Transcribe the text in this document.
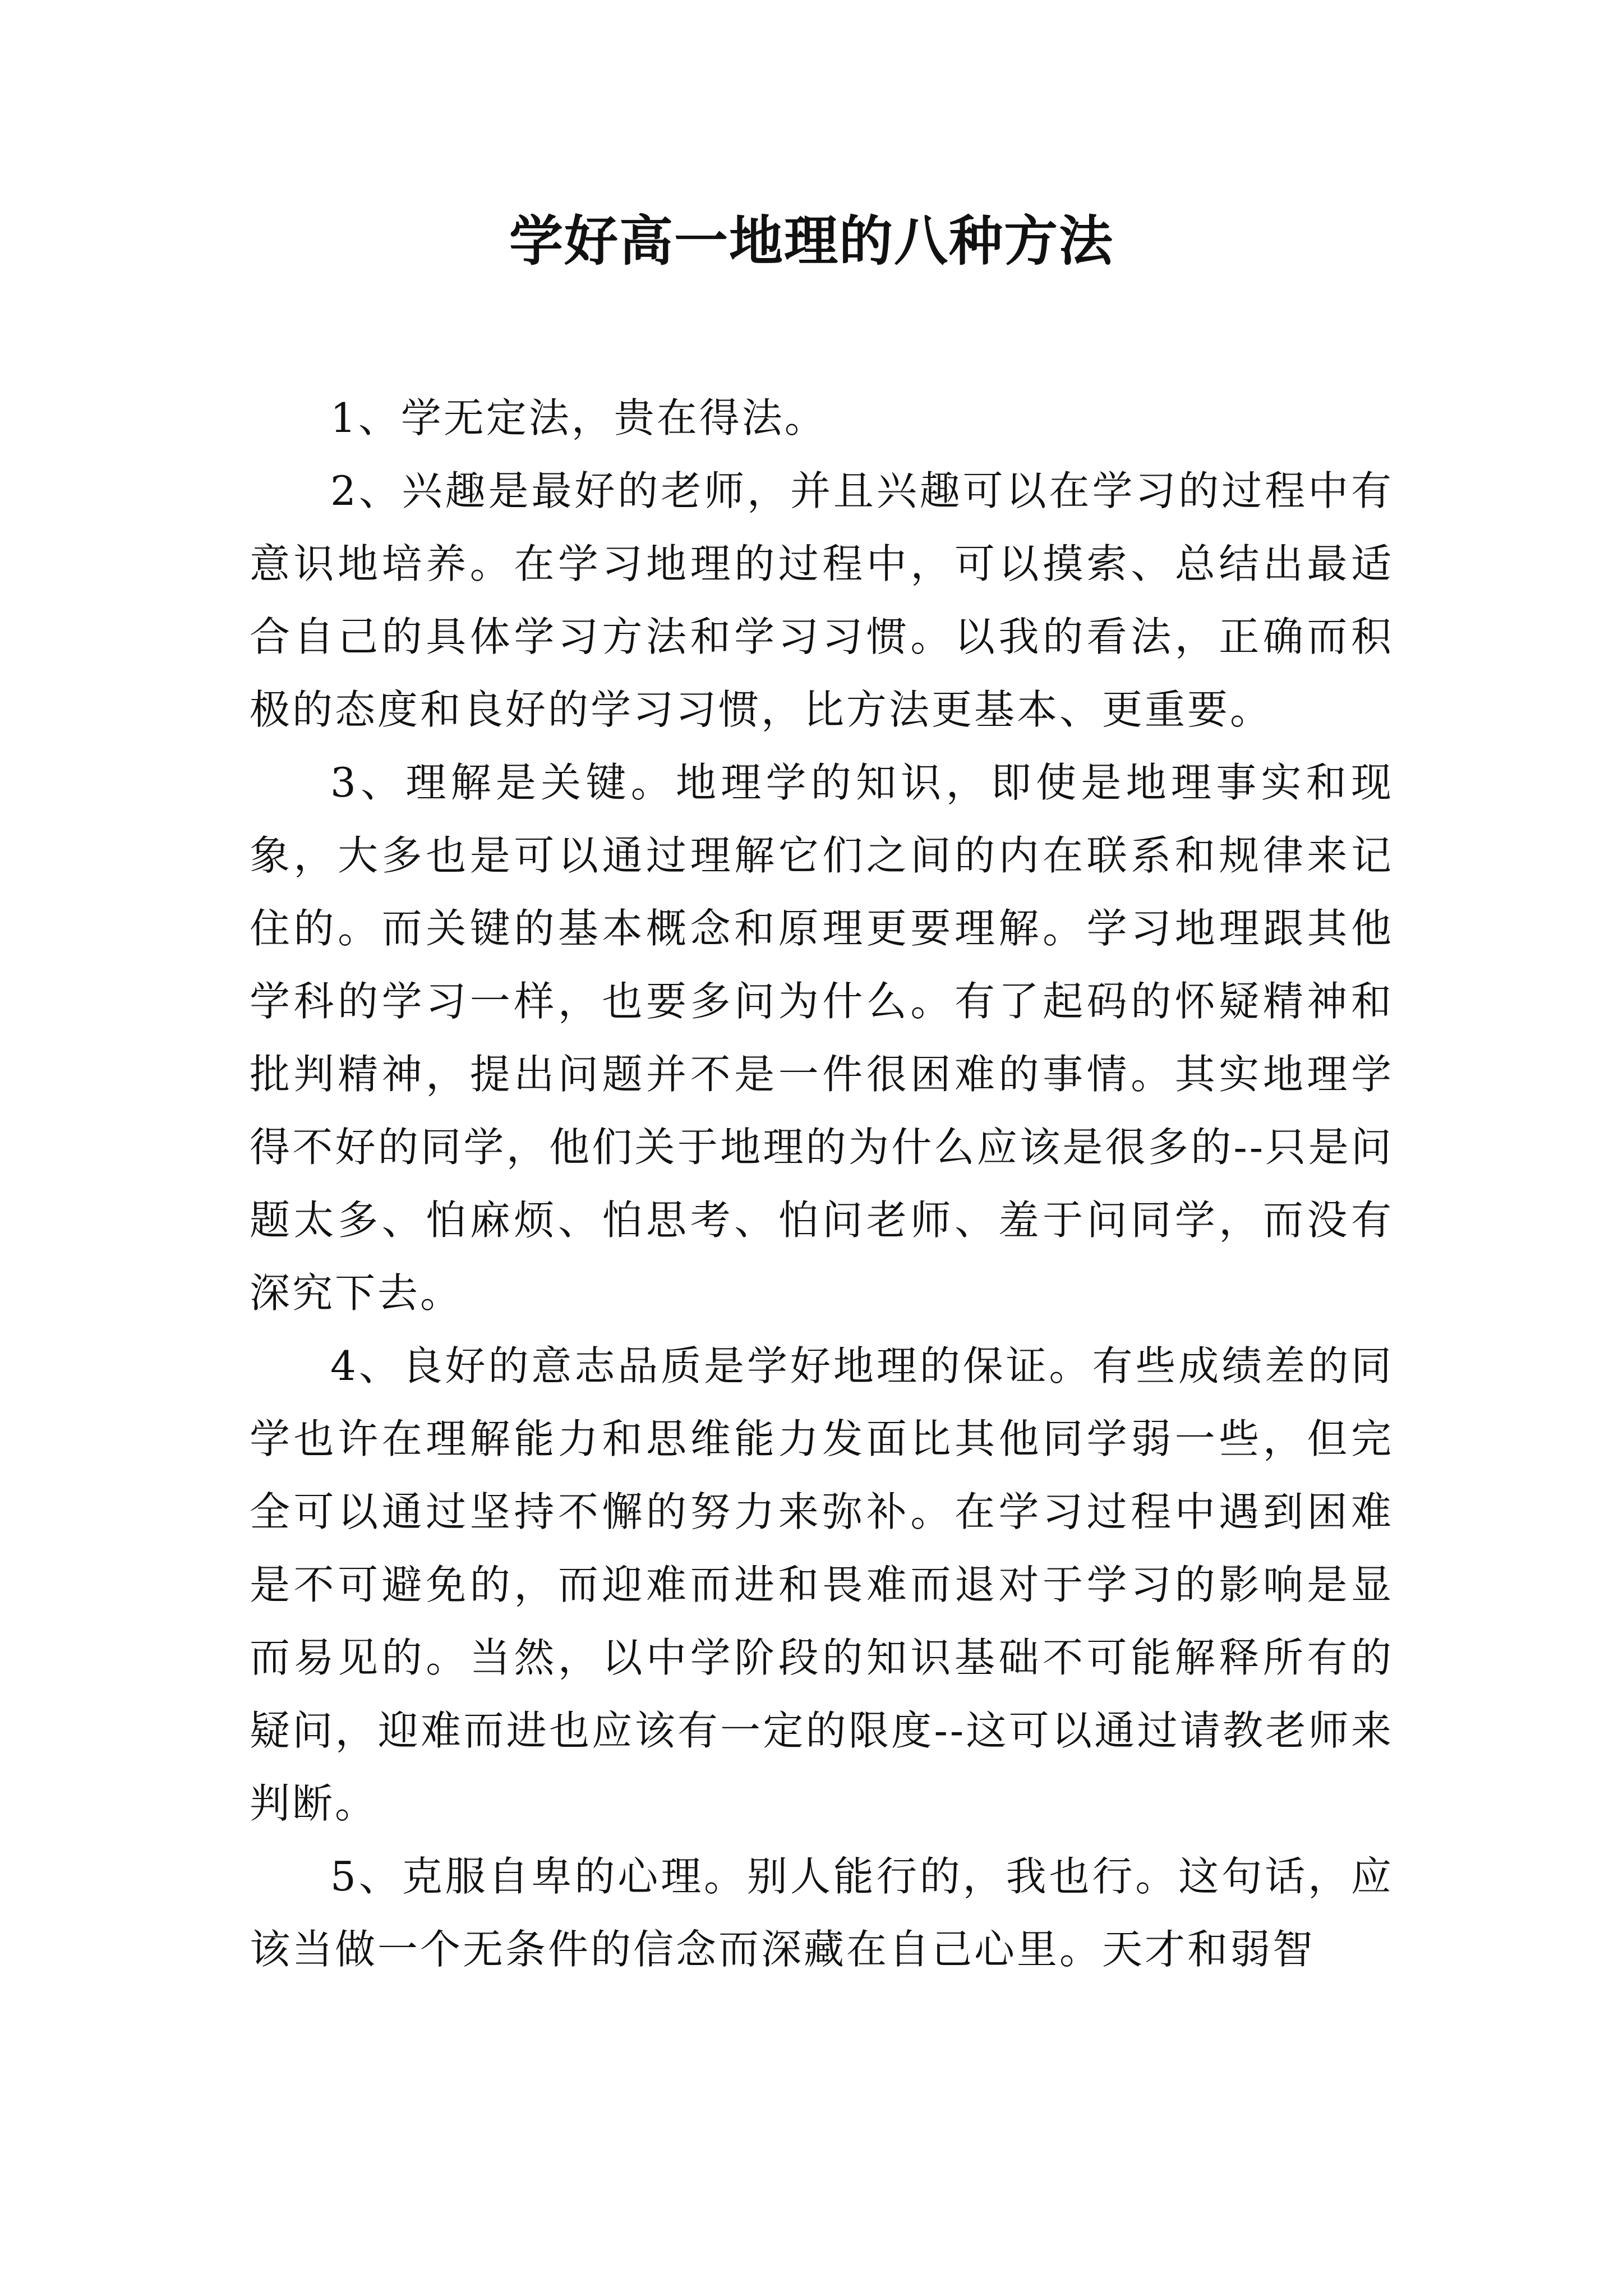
学好高一地理的八种方法

1、学无定法，贵在得法。

2、兴趣是最好的老师，并且兴趣可以在学习的过程中有意识地培养。在学习地理的过程中，可以摸索、总结出最适合自己的具体学习方法和学习习惯。以我的看法，正确而积极的态度和良好的学习习惯，比方法更基本、更重要。

3、理解是关键。地理学的知识，即使是地理事实和现象，大多也是可以通过理解它们之间的内在联系和规律来记住的。而关键的基本概念和原理更要理解。学习地理跟其他学科的学习一样，也要多问为什么。有了起码的怀疑精神和批判精神，提出问题并不是一件很困难的事情。其实地理学得不好的同学，他们关于地理的为什么应该是很多的--只是问题太多、怕麻烦、怕思考、怕问老师、羞于问同学，而没有深究下去。

4、良好的意志品质是学好地理的保证。有些成绩差的同学也许在理解能力和思维能力发面比其他同学弱一些，但完全可以通过坚持不懈的努力来弥补。在学习过程中遇到困难是不可避免的，而迎难而进和畏难而退对于学习的影响是显而易见的。当然，以中学阶段的知识基础不可能解释所有的疑问，迎难而进也应该有一定的限度--这可以通过请教老师来判断。

5、克服自卑的心理。别人能行的，我也行。这句话，应该当做一个无条件的信念而深藏在自己心里。天才和弱智
